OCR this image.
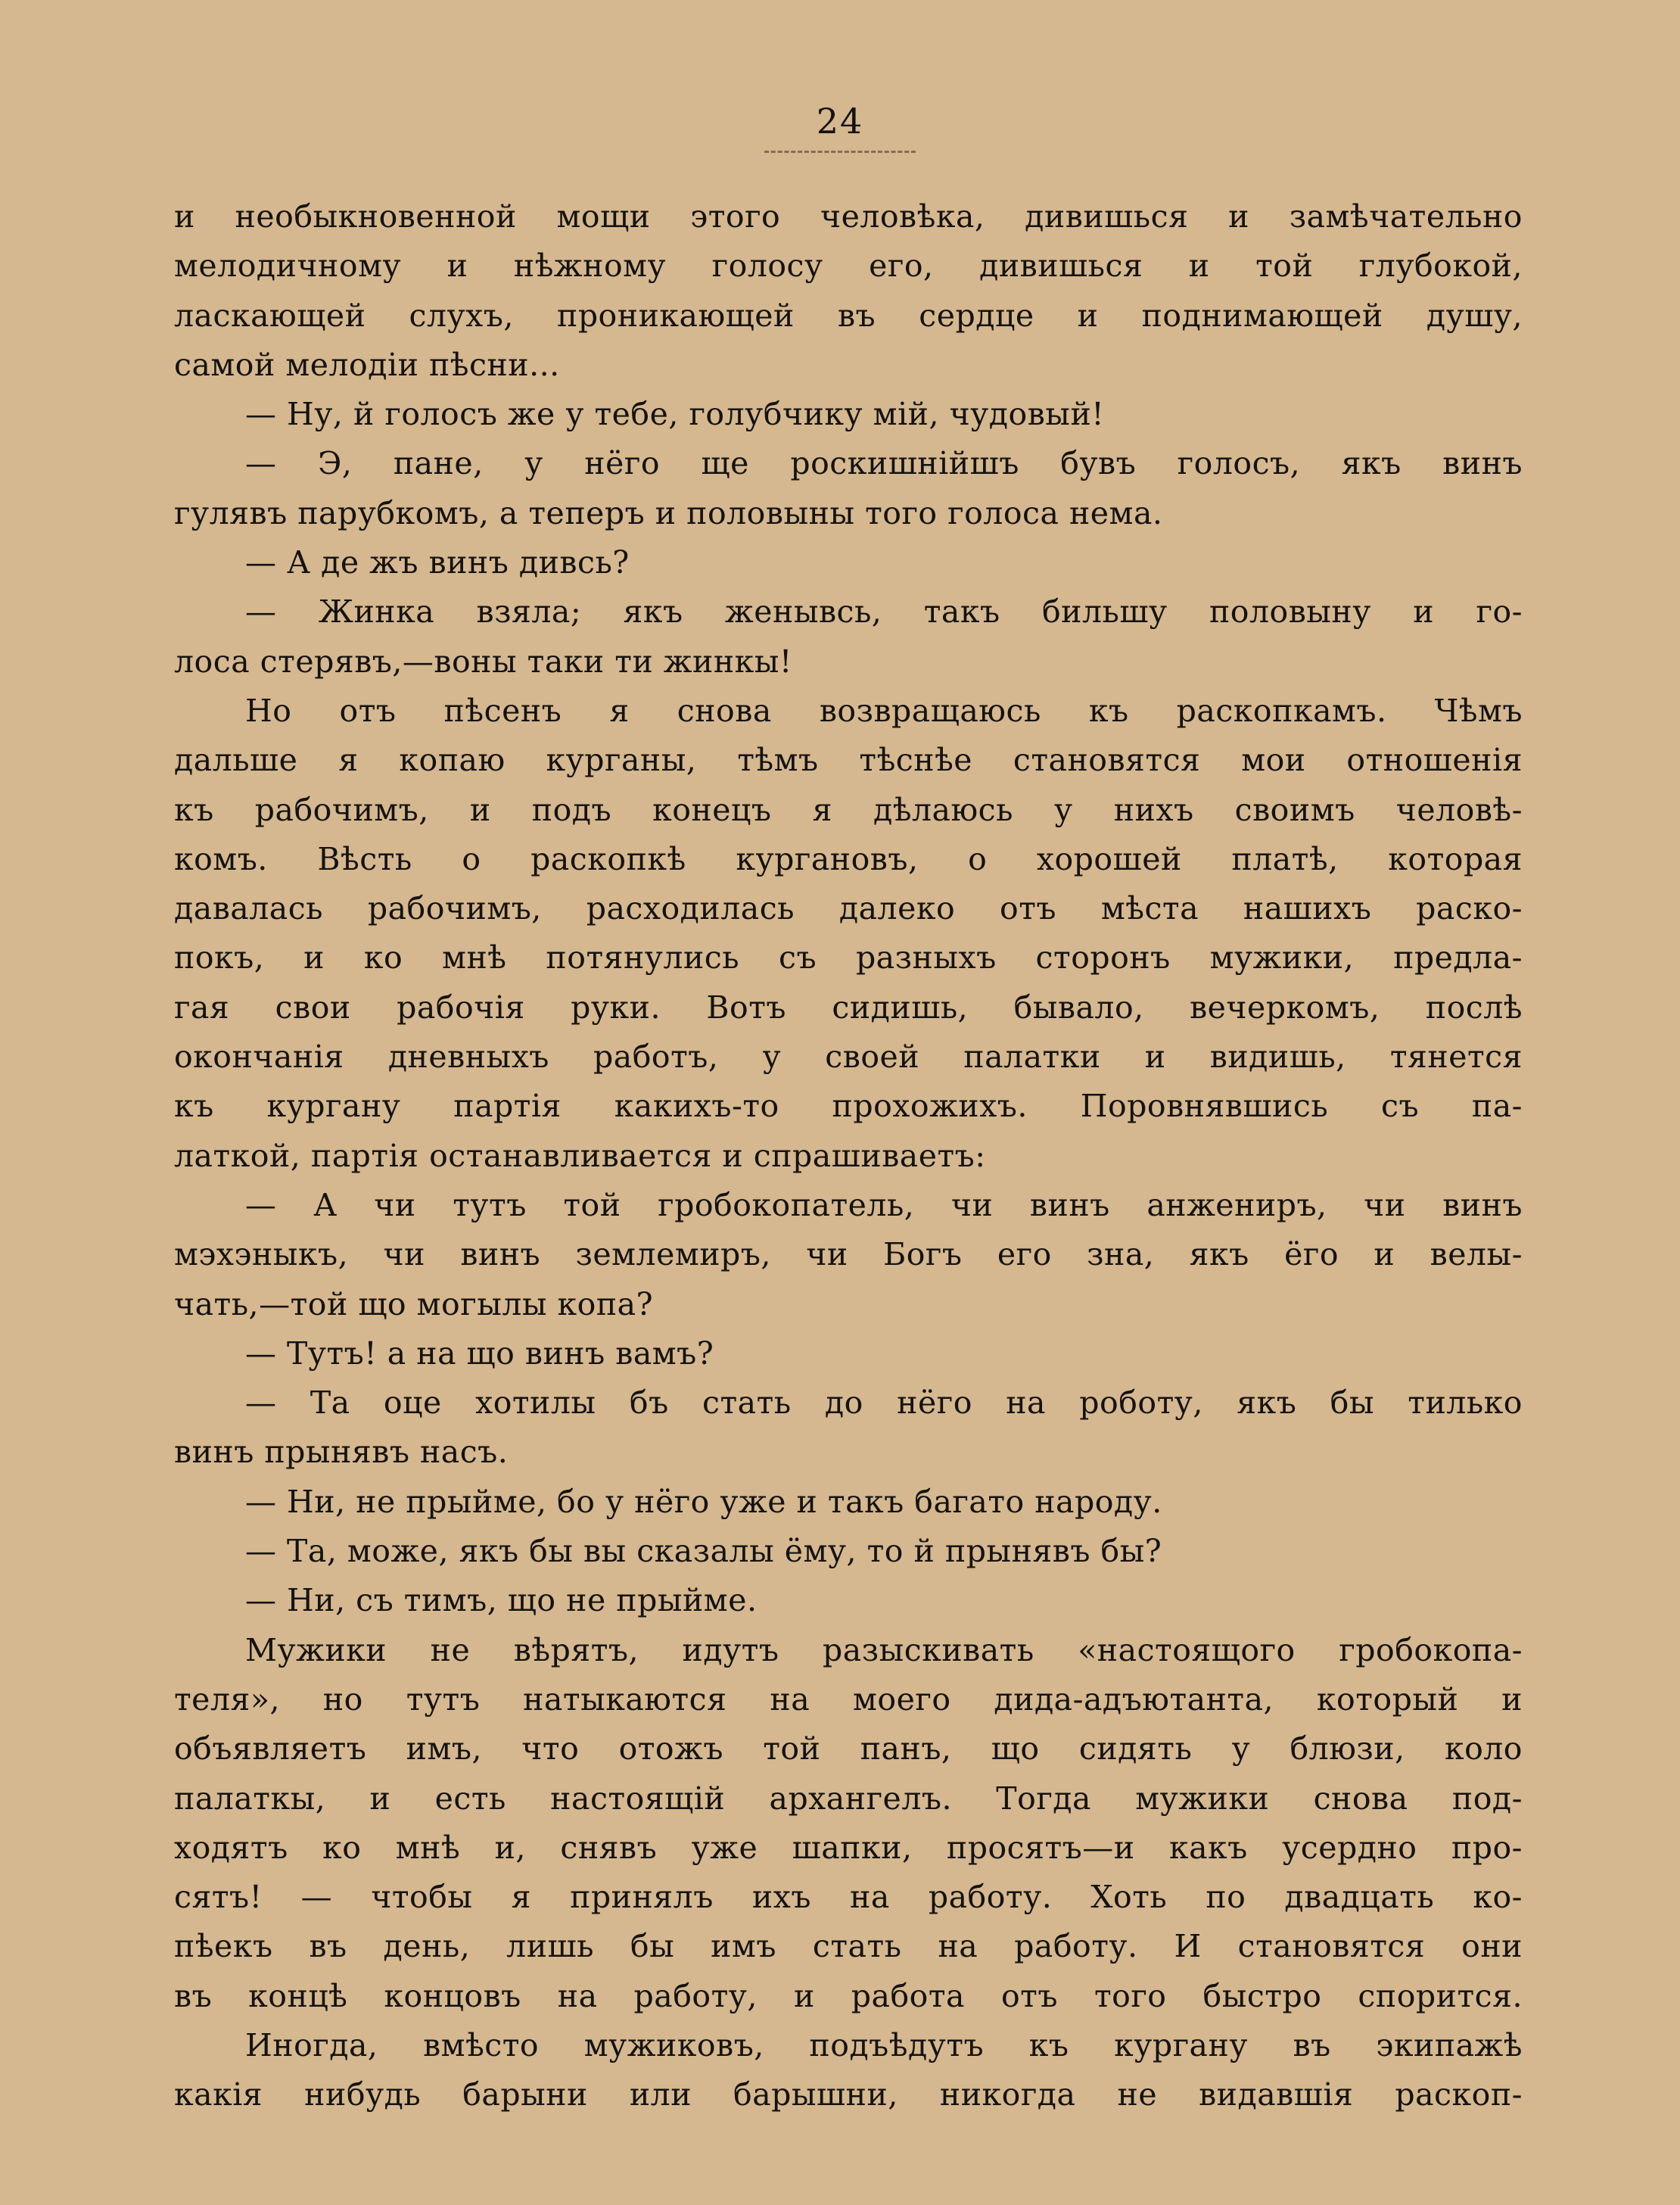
24
и необыкновенной мощи этого человѣка, дивишься и замѣчательно
мелодичному и нѣжному голосу его, дивишься и той глубокой,
ласкающей слухъ, проникающей въ сердце и поднимающей душу,
самой мелодіи пѣсни...
— Ну, й голосъ же у тебе, голубчику мій, чудовый!
— Э, пане, у нёго ще роскишнійшъ бувъ голосъ, якъ винъ
гулявъ парубкомъ, а теперъ и половыны того голоса нема.
— А де жъ винъ дивсь?
— Жинка взяла; якъ женывсь, такъ бильшу половыну и го-
лоса стерявъ,—воны таки ти жинкы!
Но отъ пѣсенъ я снова возвращаюсь къ раскопкамъ. Чѣмъ
дальше я копаю курганы, тѣмъ тѣснѣе становятся мои отношенія
къ рабочимъ, и подъ конецъ я дѣлаюсь у нихъ своимъ человѣ-
комъ. Вѣсть о раскопкѣ кургановъ, о хорошей платѣ, которая
давалась рабочимъ, расходилась далеко отъ мѣста нашихъ раско-
покъ, и ко мнѣ потянулись съ разныхъ сторонъ мужики, предла-
гая свои рабочія руки. Вотъ сидишь, бывало, вечеркомъ, послѣ
окончанія дневныхъ работъ, у своей палатки и видишь, тянется
къ кургану партія какихъ-то прохожихъ. Поровнявшись съ па-
латкой, партія останавливается и спрашиваетъ:
— А чи тутъ той гробокопатель, чи винъ анжениръ, чи винъ
мэхэныкъ, чи винъ землемиръ, чи Богъ его зна, якъ ёго и велы-
чать,—той що могылы копа?
— Тутъ! а на що винъ вамъ?
— Та оце хотилы бъ стать до нёго на роботу, якъ бы тилько
винъ прынявъ насъ.
— Ни, не прыйме, бо у нёго уже и такъ багато народу.
— Та, може, якъ бы вы сказалы ёму, то й прынявъ бы?
— Ни, съ тимъ, що не прыйме.
Мужики не вѣрятъ, идутъ разыскивать «настоящого гробокопа-
теля», но тутъ натыкаются на моего дида-адъютанта, который и
объявляетъ имъ, что отожъ той панъ, що сидять у блюзи, коло
палаткы, и есть настоящій архангелъ. Тогда мужики снова под-
ходятъ ко мнѣ и, снявъ уже шапки, просятъ—и какъ усердно про-
сятъ! — чтобы я принялъ ихъ на работу. Хоть по двадцать ко-
пѣекъ въ день, лишь бы имъ стать на работу. И становятся они
въ концѣ концовъ на работу, и работа отъ того быстро спорится.
Иногда, вмѣсто мужиковъ, подъѣдутъ къ кургану въ экипажѣ
какія нибудь барыни или барышни, никогда не видавшія раскоп-
